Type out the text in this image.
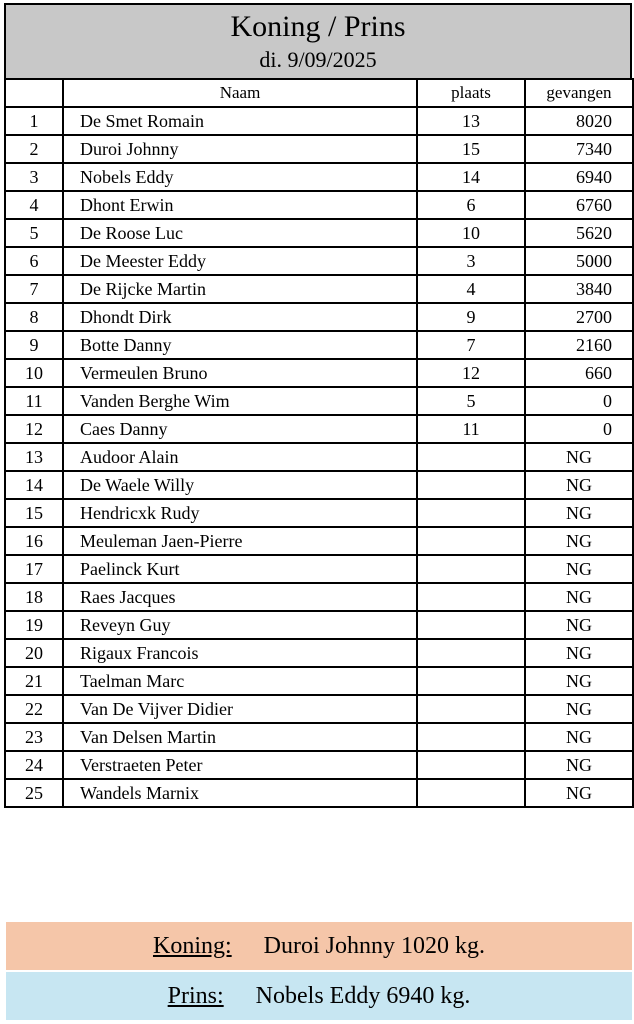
Koning / Prins
di. 9/09/2025
	Naam	plaats	gevangen
1	De Smet Romain	13	8020
2	Duroi Johnny	15	7340
3	Nobels Eddy	14	6940
4	Dhont Erwin	6	6760
5	De Roose Luc	10	5620
6	De Meester Eddy	3	5000
7	De Rijcke Martin	4	3840
8	Dhondt Dirk	9	2700
9	Botte Danny	7	2160
10	Vermeulen Bruno	12	660
11	Vanden Berghe Wim	5	0
12	Caes Danny	11	0
13	Audoor Alain		NG
14	De Waele Willy		NG
15	Hendricxk Rudy		NG
16	Meuleman Jaen-Pierre		NG
17	Paelinck Kurt		NG
18	Raes Jacques		NG
19	Reveyn Guy		NG
20	Rigaux Francois		NG
21	Taelman Marc		NG
22	Van De Vijver Didier		NG
23	Van Delsen Martin		NG
24	Verstraeten Peter		NG
25	Wandels Marnix		NG
Koning: Duroi Johnny 1020 kg.
Prins: Nobels Eddy 6940 kg.
